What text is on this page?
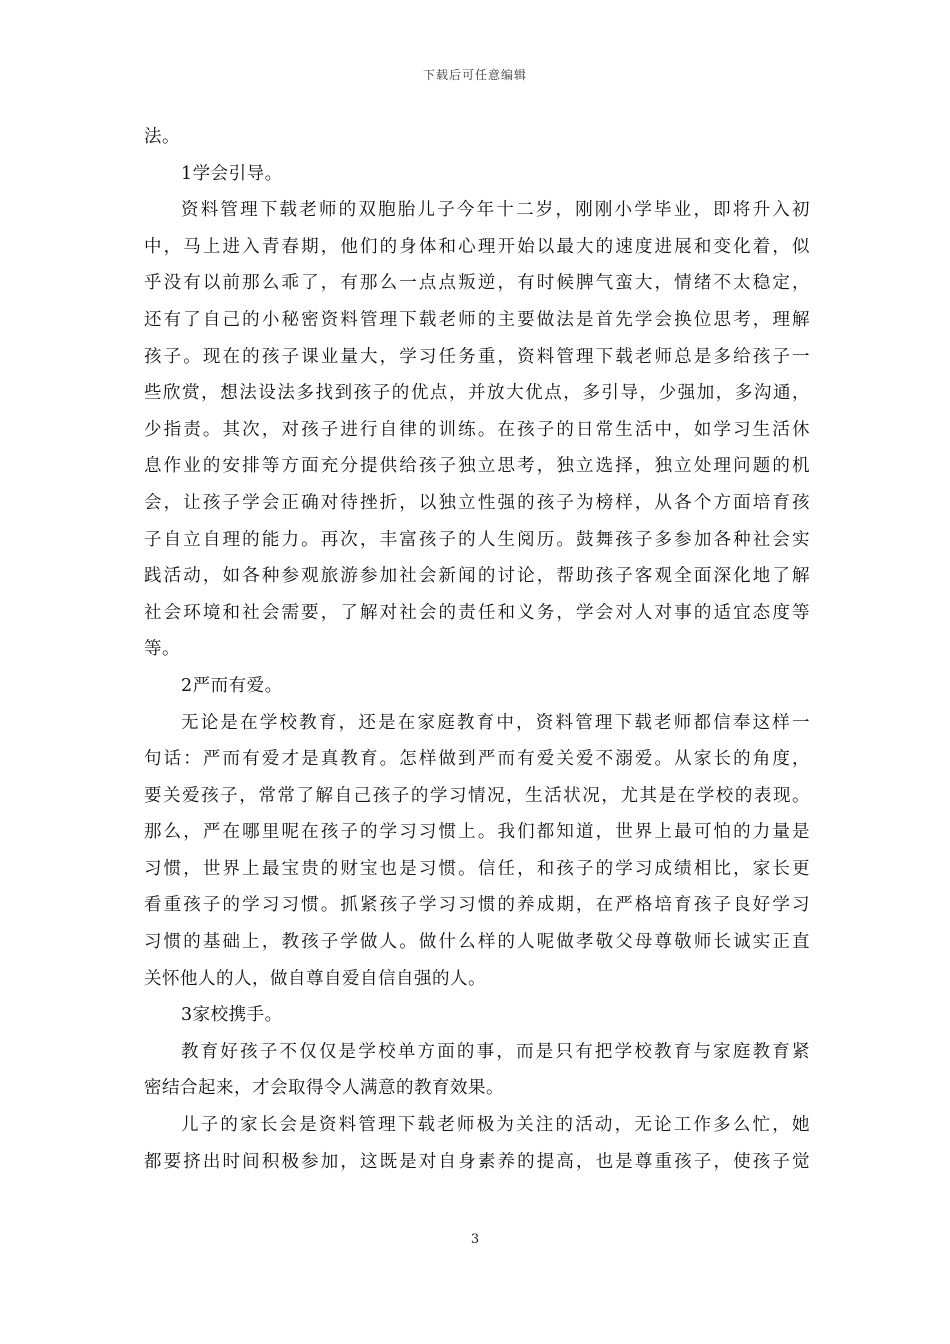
下载后可任意编辑
法。
1学会引导。
资料管理下载老师的双胞胎儿子今年十二岁，刚刚小学毕业，即将升入初
中，马上进入青春期，他们的身体和心理开始以最大的速度进展和变化着，似
乎没有以前那么乖了，有那么一点点叛逆，有时候脾气蛮大，情绪不太稳定，
还有了自己的小秘密资料管理下载老师的主要做法是首先学会换位思考，理解
孩子。现在的孩子课业量大，学习任务重，资料管理下载老师总是多给孩子一
些欣赏，想法设法多找到孩子的优点，并放大优点，多引导，少强加，多沟通，
少指责。其次，对孩子进行自律的训练。在孩子的日常生活中，如学习生活休
息作业的安排等方面充分提供给孩子独立思考，独立选择，独立处理问题的机
会，让孩子学会正确对待挫折，以独立性强的孩子为榜样，从各个方面培育孩
子自立自理的能力。再次，丰富孩子的人生阅历。鼓舞孩子多参加各种社会实
践活动，如各种参观旅游参加社会新闻的讨论，帮助孩子客观全面深化地了解
社会环境和社会需要，了解对社会的责任和义务，学会对人对事的适宜态度等
等。
2严而有爱。
无论是在学校教育，还是在家庭教育中，资料管理下载老师都信奉这样一
句话：严而有爱才是真教育。怎样做到严而有爱关爱不溺爱。从家长的角度，
要关爱孩子，常常了解自己孩子的学习情况，生活状况，尤其是在学校的表现。
那么，严在哪里呢在孩子的学习习惯上。我们都知道，世界上最可怕的力量是
习惯，世界上最宝贵的财宝也是习惯。信任，和孩子的学习成绩相比，家长更
看重孩子的学习习惯。抓紧孩子学习习惯的养成期，在严格培育孩子良好学习
习惯的基础上，教孩子学做人。做什么样的人呢做孝敬父母尊敬师长诚实正直
关怀他人的人，做自尊自爱自信自强的人。
3家校携手。
教育好孩子不仅仅是学校单方面的事，而是只有把学校教育与家庭教育紧
密结合起来，才会取得令人满意的教育效果。
儿子的家长会是资料管理下载老师极为关注的活动，无论工作多么忙，她
都要挤出时间积极参加，这既是对自身素养的提高，也是尊重孩子，使孩子觉
3
